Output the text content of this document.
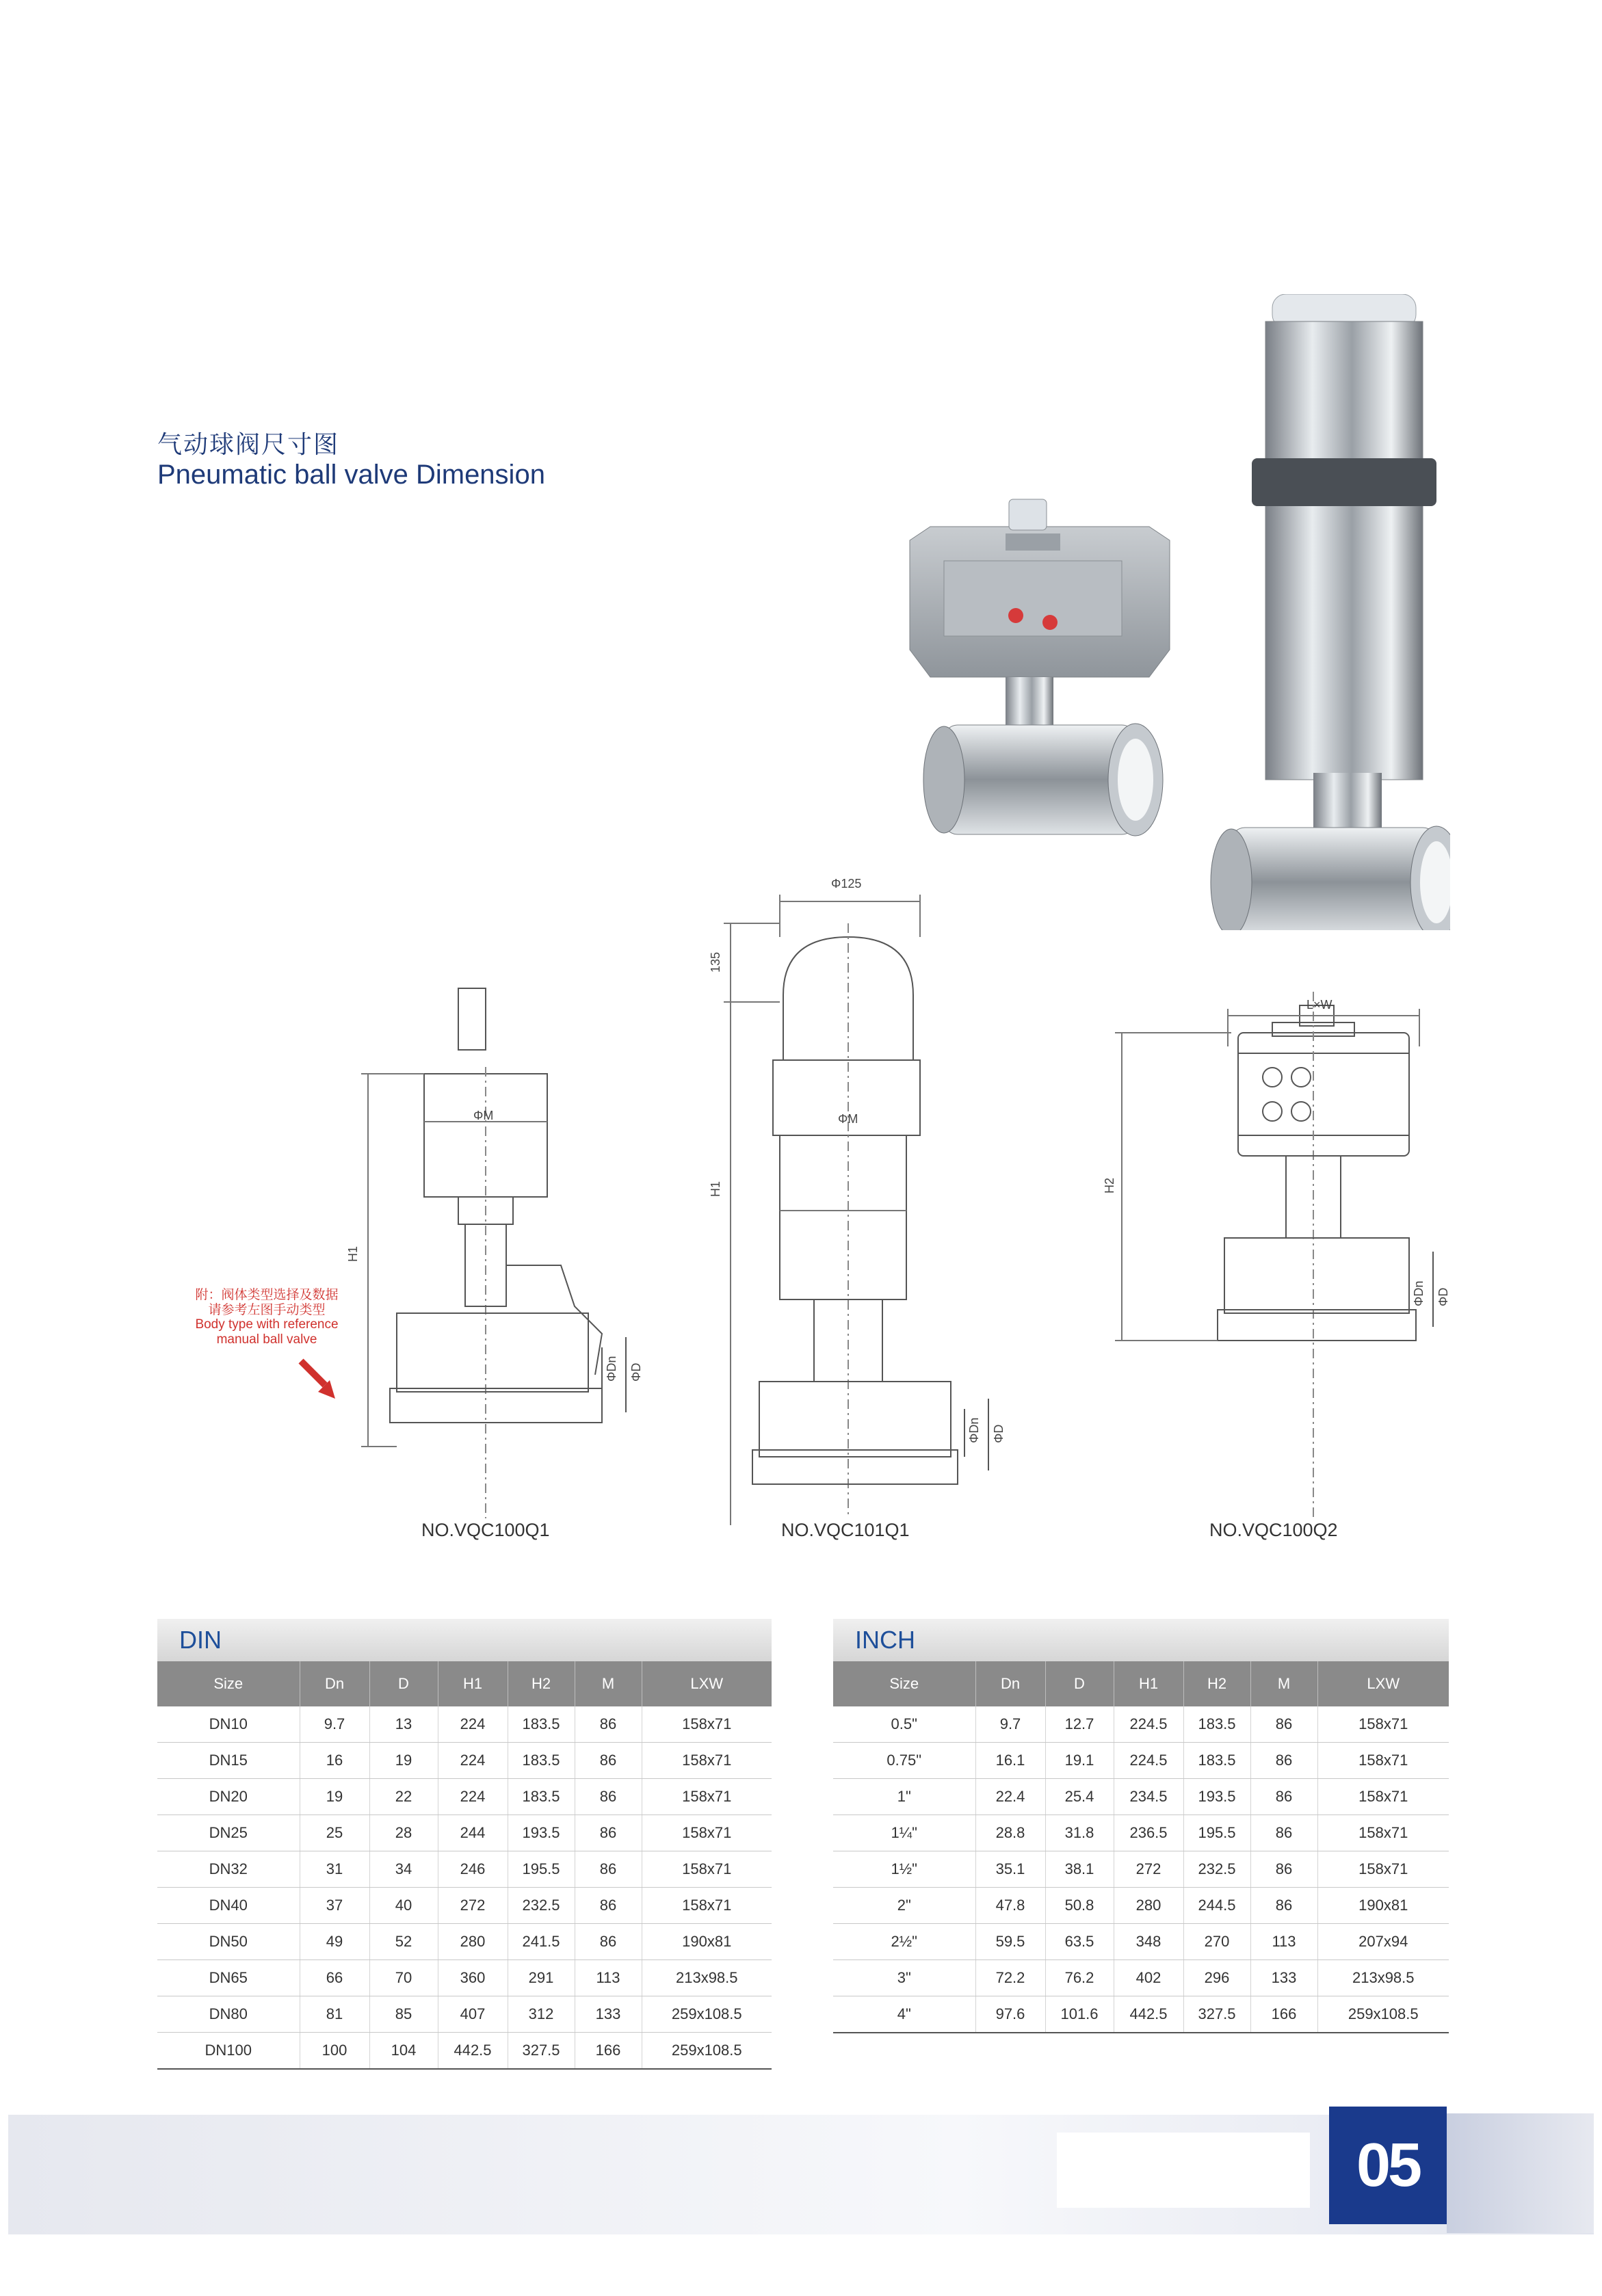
气动球阀尺寸图
Pneumatic ball valve Dimension
ΦM	ΦM
Φ125
L×W
H1
H1
135
H2
ΦDn ΦD
ΦDn ΦD
ΦDn ΦD
附：阀体类型选择及数据
请参考左图手动类型
Body type with reference
manual ball valve
NO.VQC100Q1	NO.VQC101Q1	NO.VQC100Q2
DIN
Size	Dn	D	H1	H2	M	LXW
DN10	9.7	13	224	183.5	86	158x71
DN15	16	19	224	183.5	86	158x71
DN20	19	22	224	183.5	86	158x71
DN25	25	28	244	193.5	86	158x71
DN32	31	34	246	195.5	86	158x71
DN40	37	40	272	232.5	86	158x71
DN50	49	52	280	241.5	86	190x81
DN65	66	70	360	291	113	213x98.5
DN80	81	85	407	312	133	259x108.5
DN100	100	104	442.5	327.5	166	259x108.5
INCH
Size	Dn	D	H1	H2	M	LXW
0.5"	9.7	12.7	224.5	183.5	86	158x71
0.75"	16.1	19.1	224.5	183.5	86	158x71
1"	22.4	25.4	234.5	193.5	86	158x71
1¼"	28.8	31.8	236.5	195.5	86	158x71
1½"	35.1	38.1	272	232.5	86	158x71
2"	47.8	50.8	280	244.5	86	190x81
2½"	59.5	63.5	348	270	113	207x94
3"	72.2	76.2	402	296	133	213x98.5
4"	97.6	101.6	442.5	327.5	166	259x108.5
05
